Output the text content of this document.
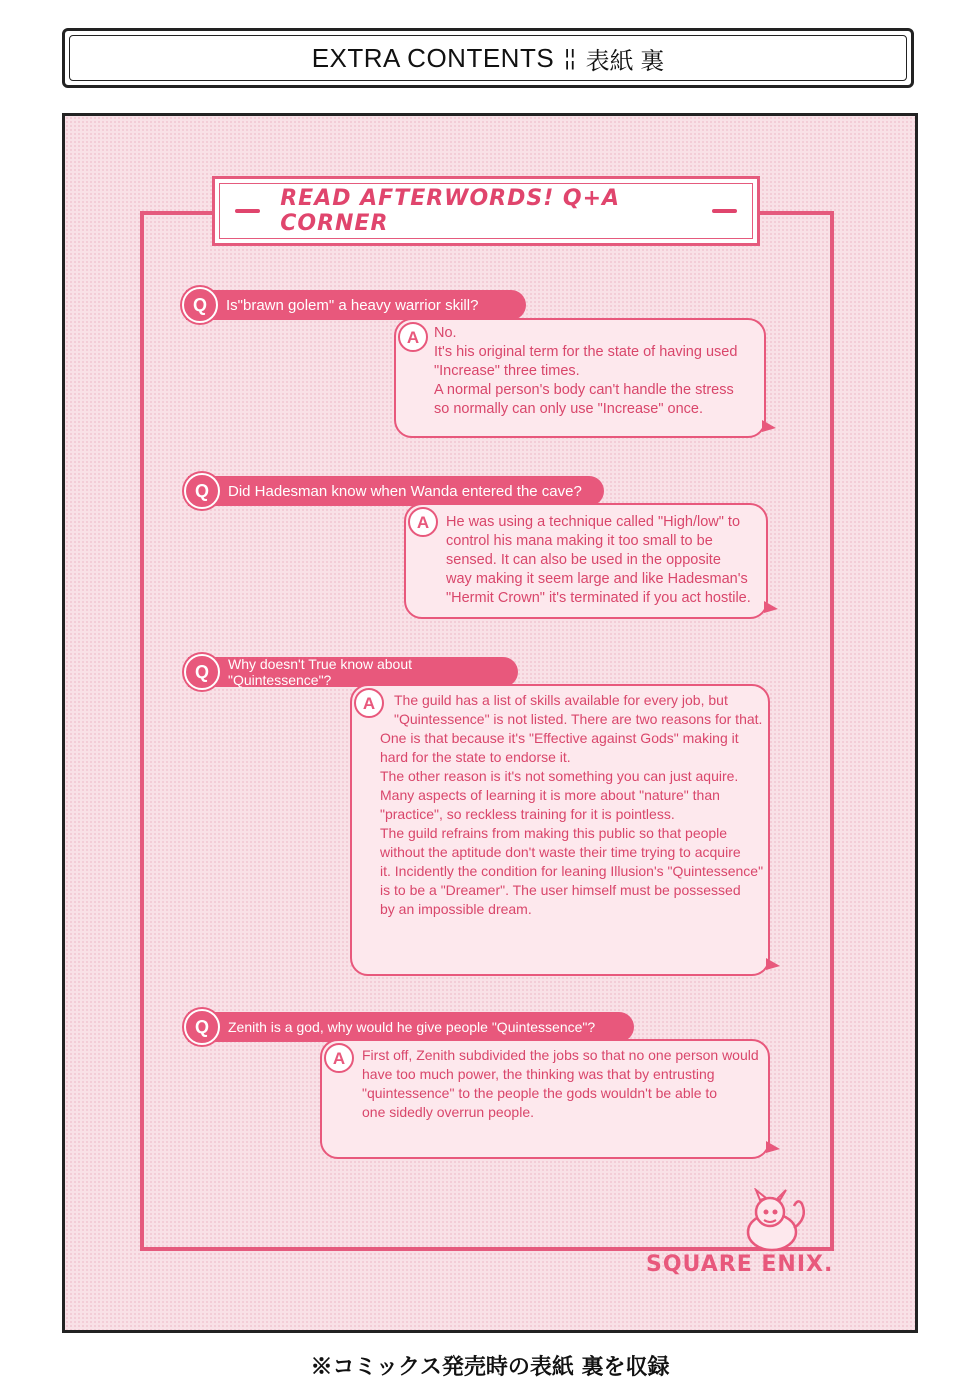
EXTRA CONTENTS ¦¦ 表紙 裏
READ AFTERWORDS! Q+A CORNER
Q	Is"brawn golem" a heavy warrior skill?
A	No.
It's his original term for the state of having used
"Increase" three times.
A normal person's body can't handle the stress
so normally can only use "Increase" once.
Q	Did Hadesman know when Wanda entered the cave?
A	He was using a technique called "High/low" to
control his mana making it too small to be
sensed. It can also be used in the opposite
way making it seem large and like Hadesman's
"Hermit Crown" it's terminated if you act hostile.
Q	Why doesn't True know about "Quintessence"?
A	The guild has a list of skills available for every job, but
"Quintessence" is not listed. There are two reasons for that.
One is that because it's "Effective against Gods" making it
hard for the state to endorse it.
The other reason is it's not something you can just aquire.
Many aspects of learning it is more about "nature" than
"practice", so reckless training for it is pointless.
The guild refrains from making this public so that people
without the aptitude don't waste their time trying to acquire
it. Incidently the condition for leaning Illusion's "Quintessence"
is to be a "Dreamer". The user himself must be possessed
by an impossible dream.
Q	Zenith is a god, why would he give people "Quintessence"?
A	First off, Zenith subdivided the jobs so that no one person would
have too much power, the thinking was that by entrusting
"quintessence" to the people the gods wouldn't be able to
one sidedly overrun people.
SQUARE ENIX.
※コミックス発売時の表紙 裏を収録
